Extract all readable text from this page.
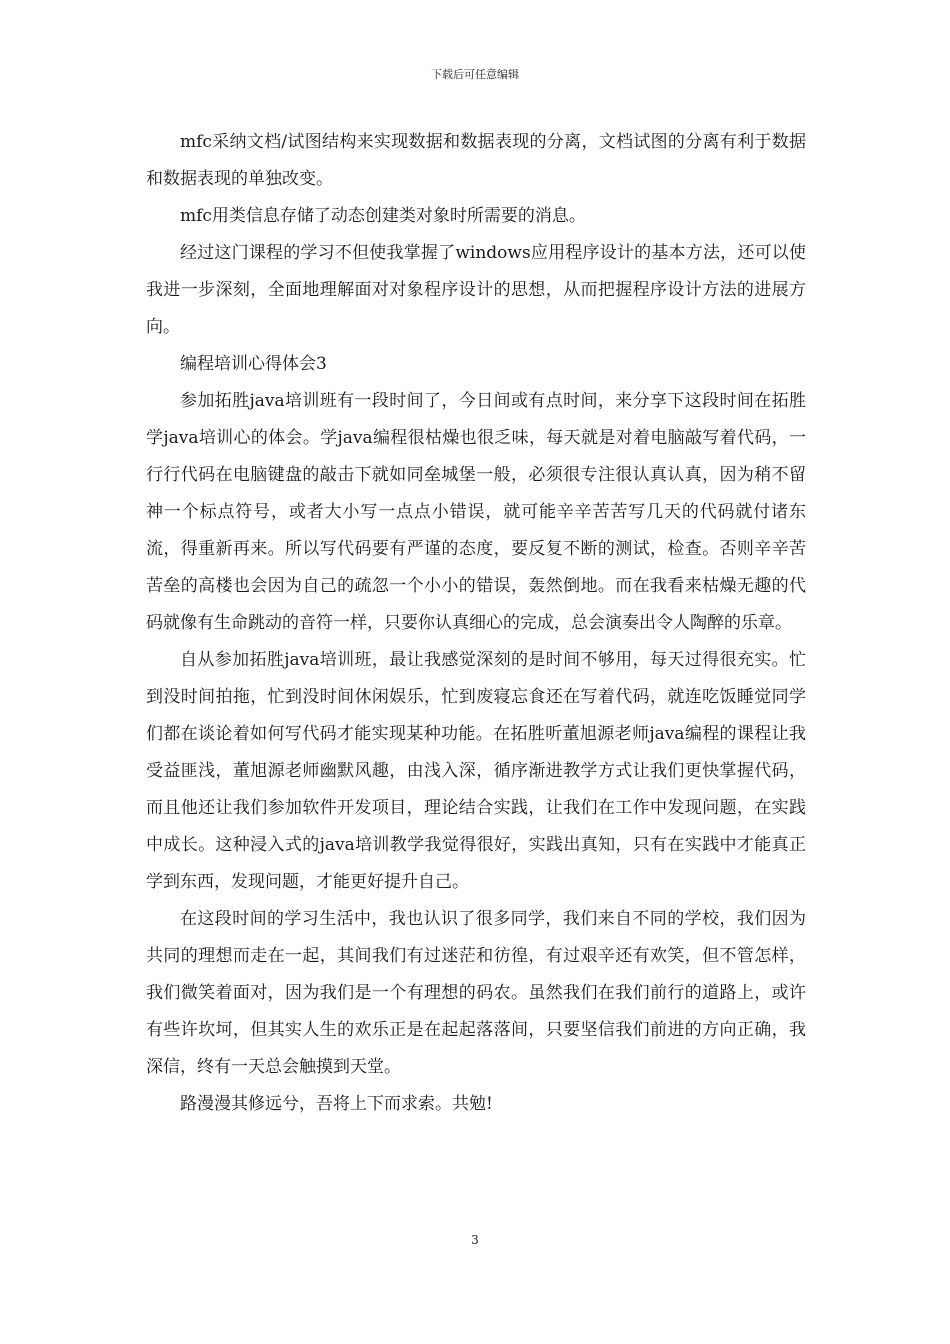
下载后可任意编辑

mfc采纳文档/试图结构来实现数据和数据表现的分离，文档试图的分离有利于数据和数据表现的单独改变。

mfc用类信息存储了动态创建类对象时所需要的消息。

经过这门课程的学习不但使我掌握了windows应用程序设计的基本方法，还可以使我进一步深刻，全面地理解面对对象程序设计的思想，从而把握程序设计方法的进展方向。

编程培训心得体会3

参加拓胜java培训班有一段时间了，今日间或有点时间，来分享下这段时间在拓胜学java培训心的体会。学java编程很枯燥也很乏味，每天就是对着电脑敲写着代码，一行行代码在电脑键盘的敲击下就如同垒城堡一般，必须很专注很认真认真，因为稍不留神一个标点符号，或者大小写一点点小错误，就可能辛辛苦苦写几天的代码就付诸东流，得重新再来。所以写代码要有严谨的态度，要反复不断的测试，检查。否则辛辛苦苦垒的高楼也会因为自己的疏忽一个小小的错误，轰然倒地。而在我看来枯燥无趣的代码就像有生命跳动的音符一样，只要你认真细心的完成，总会演奏出令人陶醉的乐章。

自从参加拓胜java培训班，最让我感觉深刻的是时间不够用，每天过得很充实。忙到没时间拍拖，忙到没时间休闲娱乐，忙到废寝忘食还在写着代码，就连吃饭睡觉同学们都在谈论着如何写代码才能实现某种功能。在拓胜听董旭源老师java编程的课程让我受益匪浅，董旭源老师幽默风趣，由浅入深，循序渐进教学方式让我们更快掌握代码，而且他还让我们参加软件开发项目，理论结合实践，让我们在工作中发现问题，在实践中成长。这种浸入式的java培训教学我觉得很好，实践出真知，只有在实践中才能真正学到东西，发现问题，才能更好提升自己。

在这段时间的学习生活中，我也认识了很多同学，我们来自不同的学校，我们因为共同的理想而走在一起，其间我们有过迷茫和彷徨，有过艰辛还有欢笑，但不管怎样，我们微笑着面对，因为我们是一个有理想的码农。虽然我们在我们前行的道路上，或许有些许坎坷，但其实人生的欢乐正是在起起落落间，只要坚信我们前进的方向正确，我深信，终有一天总会触摸到天堂。

路漫漫其修远兮，吾将上下而求索。共勉!

3
